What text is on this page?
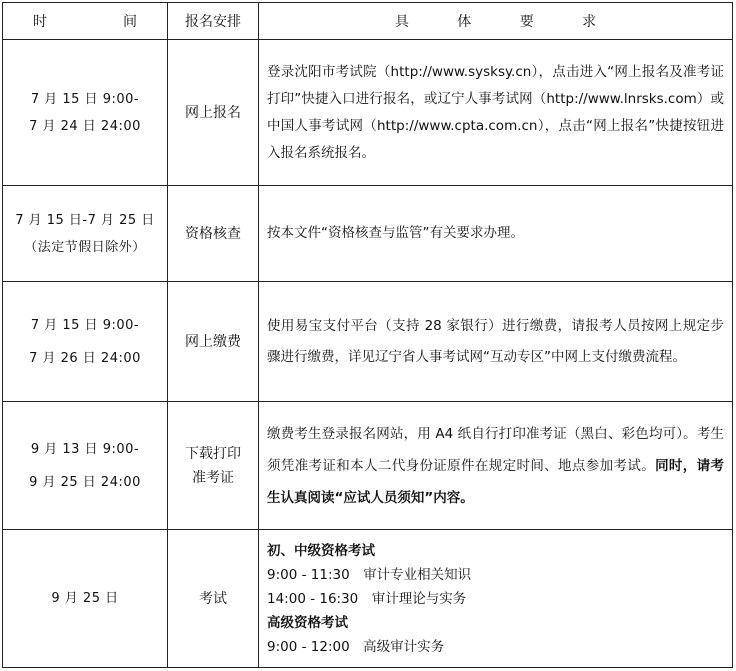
时　　间	报名安排	具 体 要 求

7 月 15 日 9:00-
7 月 24 日 24:00	网上报名	登录沈阳市考试院（http://www.sysksy.cn），点击进入“网上报名及准考证打印”快捷入口进行报名，或辽宁人事考试网（http://www.lnrsks.com）或中国人事考试网（http://www.cpta.com.cn），点击“网上报名”快捷按钮进入报名系统报名。

7 月 15 日-7 月 25 日
（法定节假日除外）	资格核查	按本文件“资格核查与监管”有关要求办理。

7 月 15 日 9:00-
7 月 26 日 24:00	网上缴费	使用易宝支付平台（支持 28 家银行）进行缴费，请报考人员按网上规定步骤进行缴费，详见辽宁省人事考试网“互动专区”中网上支付缴费流程。

9 月 13 日 9:00-
9 月 25 日 24:00	下载打印
准考证	缴费考生登录报名网站，用 A4 纸自行打印准考证（黑白、彩色均可）。考生须凭准考证和本人二代身份证原件在规定时间、地点参加考试。同时，请考生认真阅读“应试人员须知”内容。

9 月 25 日	考试	初、中级资格考试
9:00 - 11:30　审计专业相关知识
14:00 - 16:30　审计理论与实务
高级资格考试
9:00 - 12:00　高级审计实务
